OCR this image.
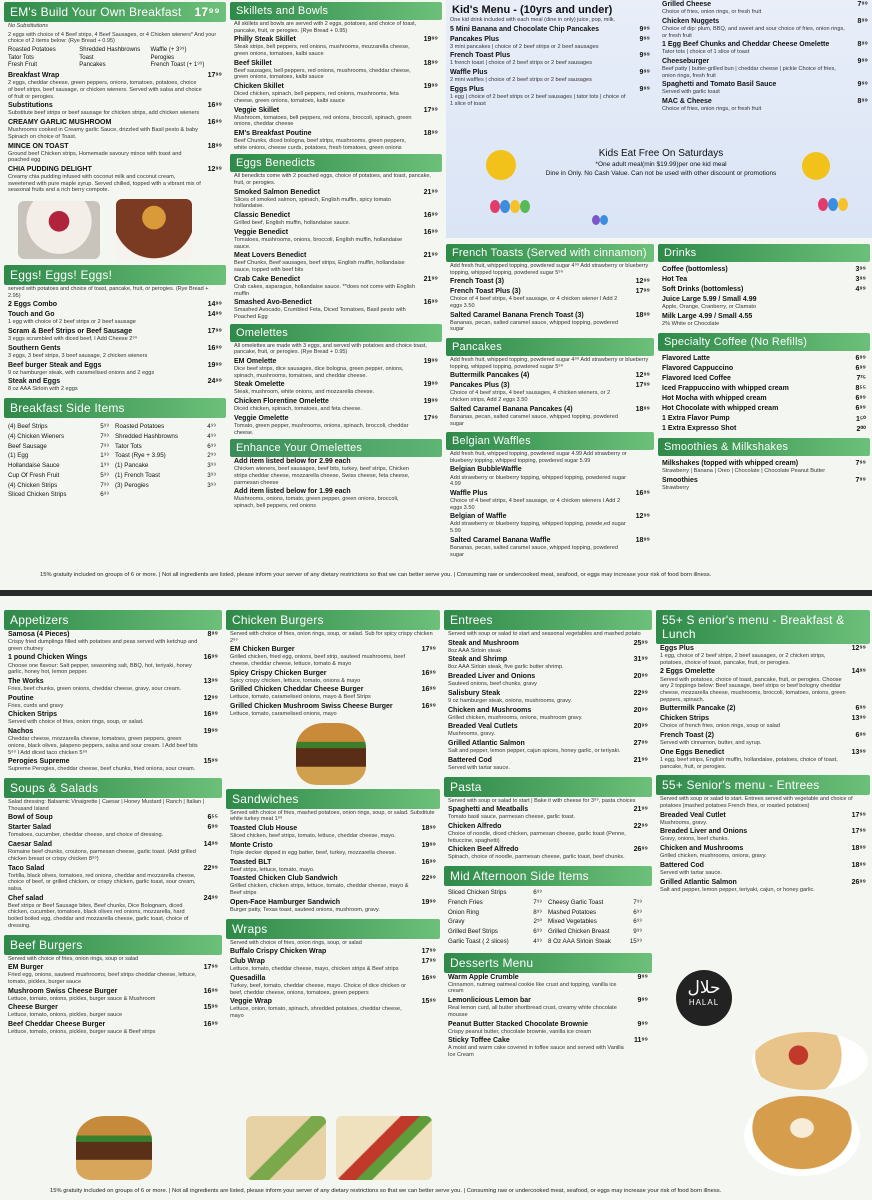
EM's Build Your Own Breakfast 17⁹⁹
No Substitutions
2 eggs with choice of 4 Beef strips, 4 Beef Sausages, or 4 Chicken wieners* And your choice of 2 items below: (Rye Bread + 0.95)
Roasted Potatoes	Shredded Hashbrowns	Waffle (+ 3⁹⁹)
Tator Tots	Toast	Perogies
Fresh Fruit	Pancakes	French Toast (+ 1⁹⁹)
Breakfast Wrap	17⁹⁹
2 eggs, cheddar cheese, green peppers, onions, tomatoes, potatoes, choice of beef strips, beef sausage, or chicken wieners. Served with salsa and choice of fruit or perogies.
Substitutions	16⁹⁹
Substitute beef strips or beef sausage for chicken strips, add chicken wieners
CREAMY GARLIC MUSHROOM	16⁹⁹
Mushrooms cooked in Creamy garlic Sauce, drizzled with Basil pesto & baby Spinach on choice of Toast.
MINCE ON TOAST	18⁹⁹
Ground beef Chicken strips, Homemade savoury mince with toast and poached egg
CHIA PUDDING DELIGHT	12⁹⁹
Creamy chia pudding infused with coconut milk and coconut cream, sweetened with pure maple syrup. Served chilled, topped with a vibrant mix of seasonal fruits and a rich berry compote.
Eggs! Eggs! Eggs!
served with potatoes and choice of toast, pancake, fruit, or perogies. (Rye Bread + 2.95)
2 Eggs Combo	14⁹⁹
Touch and Go	14⁹⁹
1 egg with choice of 2 beef strips or 2 beef sausage
Scram & Beef Strips or Beef Sausage	17⁹⁹
3 eggs scrambled with diced beef, I Add Cheese 2⁹⁹
Southern Gents	16⁹⁹
3 eggs, 3 beef strips, 3 beef sausage, 2 chicken wieners
Beef burger Steak and Eggs	19⁹⁹
9 oz hamburger steak, with caramelised onions and 2 eggs
Steak and Eggs	24⁹⁹
8 oz AAA Sirloin with 2 eggs
Breakfast Side Items
(4) Beef Strips	5⁹⁹ Roasted Potatoes	4⁹⁹
(4) Chicken Wieners	7⁹⁹ Shredded Hashbrowns	4⁹⁹
Beef Sausage	7⁹⁹ Tator Tots	6⁹⁹
(1) Egg	1⁹⁹ Toast (Rye + 3.95)	2⁹⁹
Hollandaise Sauce	1⁹⁹ (1) Pancake	3⁹⁹
Cup Of Fresh Fruit	5⁹⁹ (1) French Toast	3⁹⁹
(4) Chicken Strips	7⁹⁹ (3) Perogies	3⁹⁹
Sliced Chicken Strips	6⁹⁹
Skillets and Bowls
All skillets and bowls are served with 2 eggs, potatoes, and choice of toast, pancake, fruit, or perogies. (Rye Bread + 0.95)
Philly Steak Skillet	19⁹⁹
Steak strips, bell peppers, red onions, mushrooms, mozzarella cheese, green onions, tomatoes, kalbi sauce
Beef Skillet	18⁹⁹
Beef sausages, bell peppers, red onions, mushrooms, cheddar cheese, green onions, tomatoes, kalbi sauce
Chicken Skillet	19⁹⁹
Diced chicken, spinach, bell peppers, red onions, mushrooms, feta cheese, green onions, tomatoes, kalbi sauce
Veggie Skillet	17⁹⁹
Mushroom, tomatoes, bell peppers, red onions, broccoli, spinach, green onions, cheddar cheese
EM's Breakfast Poutine	18⁹⁹
Beef Chunks, diced bologna, beef strips, mushrooms, green peppers, white onions, cheese curds, potatoes, fresh tomatoes, green onions
Eggs Benedicts
All benedicts come with 2 poached eggs, choice of potatoes, and toast, pancake, fruit, or perogies.
Smoked Salmon Benedict	21⁹⁹
Slices of smoked salmon, spinach, English muffin, spicy tomato hollandaise.
Classic Benedict	16⁹⁹
Grilled beef, English muffin, hollandaise sauce.
Veggie Benedict	16⁹⁹
Tomatoes, mushrooms, onions, broccoli, English muffin, hollandaise sauce.
Meat Lovers Benedict	21⁹⁹
Beef Chunks, Beef sausages, beef strips, English muffin, hollandaise sauce, topped with beef bits
Crab Cake Benedict	21⁹⁹
Crab cakes, asparagus, hollandaise sauce. **does not come with English muffin
Smashed Avo-Benedict	16⁹⁹
Smashed Avocado, Crumbled Feta, Diced Tomatoes, Basil pesto with Poached Egg
Omelettes
All omelettes are made with 3 eggs, and served with potatoes and choice toast, pancake, fruit, or perogies. (Rye Bread + 0.95)
EM Omelette	19⁹⁹
Dice beef strips, dice sausages, dice bologna, green pepper, onions, spinach, mushrooms, tomatoes, and cheddar cheese.
Steak Omelette	19⁹⁹
Steak, mushroom, white onions, and mozzarella cheese.
Chicken Florentine Omelette	19⁹⁹
Diced chicken, spinach, tomatoes, and feta cheese.
Veggie Omelette	17⁹⁹
Tomato, green pepper, mushrooms, onions, spinach, broccoli, cheddar cheese.
Enhance Your Omelettes
Add item listed below for 2.99 each
Chicken wieners, beef sausages, beef bits, turkey, beef strips, Chicken strips cheddar cheese, mozzarella cheese, Swiss cheese, feta cheese, parmesan cheese
Add item listed below for 1.99 each
Mushrooms, onions, tomato, green pepper, green onions, broccoli, spinach, bell peppers, red onions
Kid's Menu - (10yrs and under)
One kid drink included with each meal (dine in only) juice, pop, milk.
5 Mini Banana and Chocolate Chip Pancakes	9⁹⁹
Pancakes Plus	9⁹⁹
3 mini pancakes | choice of 2 beef strips or 2 beef sausages
French Toast Plus	9⁹⁹
1 french toast | choice of 2 beef strips or 2 beef sausages
Waffle Plus	9⁹⁹
2 mini waffles | choice of 2 beef strips or 2 beef sausages
Eggs Plus	9⁹⁹
1 egg | choice of 2 beef strips or 2 beef sausages | tator tots | choice of 1 slice of toast
Grilled Cheese	7⁹⁹
Choice of fries, onion rings, or fresh fruit
Chicken Nuggets	8⁹⁹
Choice of dip: plum, BBQ, and sweet and sour choice of fries, onion rings, or fresh fruit
1 Egg Beef Chunks and Cheddar Cheese Omelette	8⁹⁹
Tator tots | choice of 1 slice of toast
Cheeseburger	9⁹⁹
Beef patty | butter-grilled bun | cheddar cheese | pickle Choice of fries, onion rings, fresh fruit
Spaghetti and Tomato Basil Sauce	9⁹⁹
Served with garlic toast
MAC & Cheese	8⁹⁹
Choice of fries, onion rings, or fresh fruit
Kids Eat Free On Saturdays
*One adult meal(min $19.99)per one kid meal
Dine in Only. No Cash Value. Can not be used with other discount or promotions
French Toasts (Served with cinnamon)
Add fresh fruit, whipped topping, powdered sugar 4⁹⁹ Add strawberry or blueberry topping, whipped topping, powdered sugar 5⁹⁹
French Toast (3)	12⁹⁹
French Toast Plus (3)	17⁹⁹
Choice of 4 beef strips, 4 beef sausage, or 4 chicken wiener I Add 2 eggs 3.50
Salted Caramel Banana French Toast (3)	18⁹⁹
Bananas, pecan, salted caramel sauce, whipped topping, powdered sugar
Pancakes
Add fresh fruit, whipped topping, powdered sugar 4⁹⁹ Add strawberry or blueberry topping, whipped topping, powdered sugar 5⁹⁹
Buttermilk Pancakes (4)	12⁹⁹
Pancakes Plus (3)	17⁹⁹
Choice of 4 beef strips, 4 beef sausages, 4 chicken wieners, or 2 chicken strips, Add 2 eggs 3.50
Salted Caramel Banana Pancakes (4)	18⁹⁹
Bananas, pecan, salted caramel sauce, whipped topping, powdered sugar
Belgian Waffles
Add fresh fruit, whipped topping, powdered sugar 4.99 Add strawberry or blueberry topping, whipped topping, powdered sugar 5.99
Belgian BubbleWaffle
Add strawberry or blueberry topping, whipped topping, powdered sugar 4.99
Waffle Plus	16⁹⁹
Choice of 4 beef strips, 4 beef sausage, or 4 chicken wieners I Add 2 eggs 3.50
Belgian of Waffle	12⁹⁹
Add strawberry or blueberry topping, whipped topping, powde,ed sugar 5.99
Salted Caramel Banana Waffle	18⁹⁹
Bananas, pecan, salted caramel sauce, whipped topping, powdered sugar
Drinks
Coffee (bottomless)	3⁹⁹
Hot Tea	3⁹⁹
Soft Drinks (bottomless)	4⁹⁹
Juice Large 5.99 / Small 4.99
Apple, Orange, Cranberry, or Clamato
Milk Large 4.99 / Small 4.55
2% White or Chocolate
Specialty Coffee (No Refills)
Flavored Latte	6⁹⁹
Flavored Cappuccino	6⁹⁹
Flavored Iced Coffee	7²⁵
Iced Frappuccino with whipped cream	8⁵⁵
Hot Mocha with whipped cream	6⁹⁹
Hot Chocolate with whipped cream	6⁹⁹
1 Extra Flavor Pump	1⁵⁰
1 Extra Expresso Shot	2⁰⁰
Smoothies & Milkshakes
Milkshakes (topped with whipped cream)	7⁹⁹
Strawberry | Banana | Oreo | Chocolate | Chocolate Peanut Butter
Smoothies	7⁹⁹
Strawberry
15% gratuity included on groups of 6 or more. | Not all ingredients are listed, please inform your server of any dietary restrictions so that we can better serve you. | Consuming raw or undercooked meat, seafood, or eggs may increase your risk of food born illness.
Appetizers
Samosa (4 Pieces)	8⁹⁹
Crispy fried dumplings filled with potatoes and peas served with ketchup and green chutney
1 pound Chicken Wings	16⁹⁹
Choose one flavour: Salt pepper, seasoning salt, BBQ, hot, teriyaki, honey garlic, honey hot, lemon pepper.
The Works	13⁹⁹
Fries, beef chunks, green onions, cheddar cheese, gravy, sour cream.
Poutine	12⁹⁹
Fries, curds and gravy
Chicken Strips	16⁹⁹
Served with choice of fries, onion rings, soup, or salad.
Nachos	19⁹⁹
Cheddar cheese, mozzarella cheese, tomatoes, green peppers, green onions, black olives, jalapeno peppers, salsa and sour cream. I Add beef bits 5⁹⁹ I Add diced taco chicken 5⁹⁹
Perogies Supreme	15⁹⁹
Supreme Perogies, cheddar cheese, beef chunks, fried onions, sour cream.
Soups & Salads
Salad dressing: Balsamic Vinaigrette | Caesar | Honey Mustard | Ranch | Italian | Thousand Island
Bowl of Soup	6⁵⁵
Starter Salad	6⁹⁹
Tomatoes, cucumber, cheddar cheese, and choice of dressing.
Caesar Salad	14⁹⁹
Romaine beef chunks, croutons, parmesan cheese, garlic toast. (Add grilled chicken breast or crispy chicken 8⁹⁹)
Taco Salad	22⁹⁹
Tortilla, black olives, tomatoes, red onions, cheddar and mozzarella cheese, choice of beef, or grilled chicken, or crispy chicken, garlic toast, sour cream, salsa.
Chef salad	24⁹⁹
Beef strips or Beef Sausage bites, Beef chunks, Dice Bolognam, diced chicken, cucumber, tomatoes, black olives red onions, mozzarella, hard boiled boiled egg, cheddar and mozzarella cheese, garlic toast, choice of dressing.
Beef Burgers
Served with choice of fries, onion rings, soup or salad
EM Burger	17⁹⁹
Fried egg, onions, sauteed mushrooms, beef strips cheddar cheese, lettuce, tomato, pickles, burger sauce
Mushroom Swiss Cheese Burger	16⁹⁹
Lettuce, tomato, onions, pickles, burger sauce & Mushroom
Cheese Burger	15⁹⁹
Lettuce, tomato, onions, pickles, burger sauce
Beef Cheddar Cheese Burger	16⁹⁹
Lettuce, tomato, onions, pickles, burger sauce & Beef strips
Chicken Burgers
Served with choice of fries, onion rings, soup, or salad. Sub for spicy crispy chicken 2⁹⁹
EM Chicken Burger	17⁹⁹
Grilled chicken, fried egg, onions, beef strip, sauteed mushrooms, beef cheese, cheddar cheese, lettuce, tomato & mayo
Spicy Crispy Chicken Burger	16⁹⁹
Spicy crispy chicken, lettuce, tomato, onions & mayo
Grilled Chicken Cheddar Cheese Burger	16⁹⁹
Lettuce, tomato, caramelised onions, mayo & Beef Strips
Grilled Chicken Mushroom Swiss Cheese Burger	16⁹⁹
Lettuce, tomato, caramelised onions, mayo
Sandwiches
Served with choice of fries, mashed potatoes, onion rings, soup, or salad. Substitute white turkey meat 1⁹⁹
Toasted Club House	18⁹⁹
Sliced chicken, beef strips, tomato, lettuce, cheddar cheese, mayo.
Monte Cristo	19⁹⁹
Triple decker dipped in egg batter, beef, turkey, mozzarella cheese.
Toasted BLT	16⁹⁹
Beef strips, lettuce, tomato, mayo.
Toasted Chicken Club Sandwich	22⁹⁹
Grilled chicken, chicken strips, lettuce, tomato, cheddar cheese, mayo & Beef strips
Open-Face Hamburger Sandwich	19⁹⁹
Burger patty, Texas toast, sauteed onions, mushroom, gravy.
Wraps
Served with choice of fries, onion rings, soup, or salad
Buffalo Crispy Chicken Wrap	17⁹⁹
Club Wrap	17⁹⁹
Lettuce, tomato, cheddar cheese, mayo, chicken strips & Beef strips
Quesadilla	16⁹⁹
Turkey, beef, tomato, cheddar cheese, mayo. Choice of dice chicken or beef, cheddar cheese, onions, tomatoes, green peppers
Veggie Wrap	15⁹⁹
Lettuce, onion, tomato, spinach, shredded potatoes, cheddar cheese, mayo
Entrees
Served with soup or salad to start and seasonal vegetables and mashed potato
Steak and Mushroom	25⁹⁹
8oz AAA Sirloin steak
Steak and Shrimp	31⁹⁹
8oz AAA Sirloin steak, five garlic butter shrimp.
Breaded Liver and Onions	20⁹⁹
Sauteed onions, beef chunks, gravy
Salisbury Steak	22⁹⁹
9 oz hamburger steak, onions, mushrooms, gravy.
Chicken and Mushrooms	20⁹⁹
Grilled chicken, mushrooms, onions, mushroom gravy.
Breaded Veal Cutlets	20⁹⁹
Mushrooms, gravy.
Grilled Atlantic Salmon	27⁹⁹
Salt and pepper, lemon pepper, cajun spices, honey garlic, or teriyaki.
Battered Cod	21⁹⁹
Served with tartar sauce.
Pasta
Served with soup or salad to start | Bake it with cheese for 3⁹⁹, pasta choices
Spaghetti and Meatballs	21⁹⁹
Tomato basil sauce, parmesan cheese, garlic toast.
Chicken Alfredo	22⁹⁹
Choice of noodle, diced chicken, parmesan cheese, garlic toast (Penne, fettuccine, spaghetti)
Chicken Beef Alfredo	26⁹⁹
Spinach, choice of noodle, parmesan cheese, garlic toast, beef chunks.
Mid Afternoon Side Items
Sliced Chicken Strips	6⁹⁹
French Fries	7⁹⁹ Cheesy Garlic Toast	7⁹⁹
Onion Ring	8⁹⁹ Mashed Potatoes	6⁹⁹
Gravy	2⁵⁰ Mixed Vegetables	6⁹⁹
Grilled Beef Strips	6⁹⁹ Grilled Chicken Breast	9⁹⁹
Garlic Toast ( 2 slices)	4⁹⁹ 8 Oz AAA Sirloin Steak	15⁹⁹
Desserts Menu
Warm Apple Crumble	9⁹⁹
Cinnamon, nutmeg oatmeal cookie like crust and topping, vanilla ice cream
Lemonlicious Lemon bar	9⁹⁹
Real lemon curd, all butter shortbread crust, creamy white chocolate mousse
Peanut Butter Stacked Chocolate Brownie	9⁹⁹
Crispy peanut butter, chocolate brownie, vanilla ice cream
Sticky Toffee Cake	11⁹⁹
A moist and warm cake covered in toffee sauce and served with Vanilla Ice Cream
55+ S enior's menu - Breakfast & Lunch
Eggs Plus	12⁹⁹
1 egg, choice of 2 beef strips, 2 beef sausages, or 2 chicken strips, potatoes, choice of toast, pancake, fruit, or perogies.
2 Eggs Omelette	14⁹⁹
Served with potatoes, choice of toast, pancake, fruit, or perogies. Choose any 2 toppings below: Beef sausage, beef strips or beef bologny cheddar cheese, mozzarella cheese, mushrooms, broccoli, tomatoes, onions, green peppers, spinach.
Buttermilk Pancake (2)	6⁹⁹
Chicken Strips	13⁹⁹
Choice of french fries, onion rings, soup or salad
French Toast (2)	6⁹⁹
Served with cinnamon, butter, and syrup.
One Eggs Benedict	13⁹⁹
1 egg, beef strips, English muffin, hollandaise, potatoes, choice of toast, pancake, fruit, or perogies.
55+ Senior's menu - Entrees
Served with soup or salad to start. Entrees served with vegetable and choice of potatoes (mashed potatoes French fries, or roasted potatoes)
Breaded Veal Cutlet	17⁹⁹
Mushrooms, gravy.
Breaded Liver and Onions	17⁹⁹
Gravy, onions, beef chunks.
Chicken and Mushrooms	18⁹⁹
Grilled chicken, mushrooms, onions, gravy.
Battered Cod	18⁹⁹
Served with tartar sauce.
Grilled Atlantic Salmon	26⁹⁹
Salt and pepper, lemon pepper, teriyaki, cajun, or honey garlic.
حلال
HALAL
15% gratuity included on groups of 6 or more. | Not all ingredients are listed, please inform your server of any dietary restrictions so that we can better serve you. | Consuming raw or undercooked meat, seafood, or eggs may increase your risk of food born illness.
